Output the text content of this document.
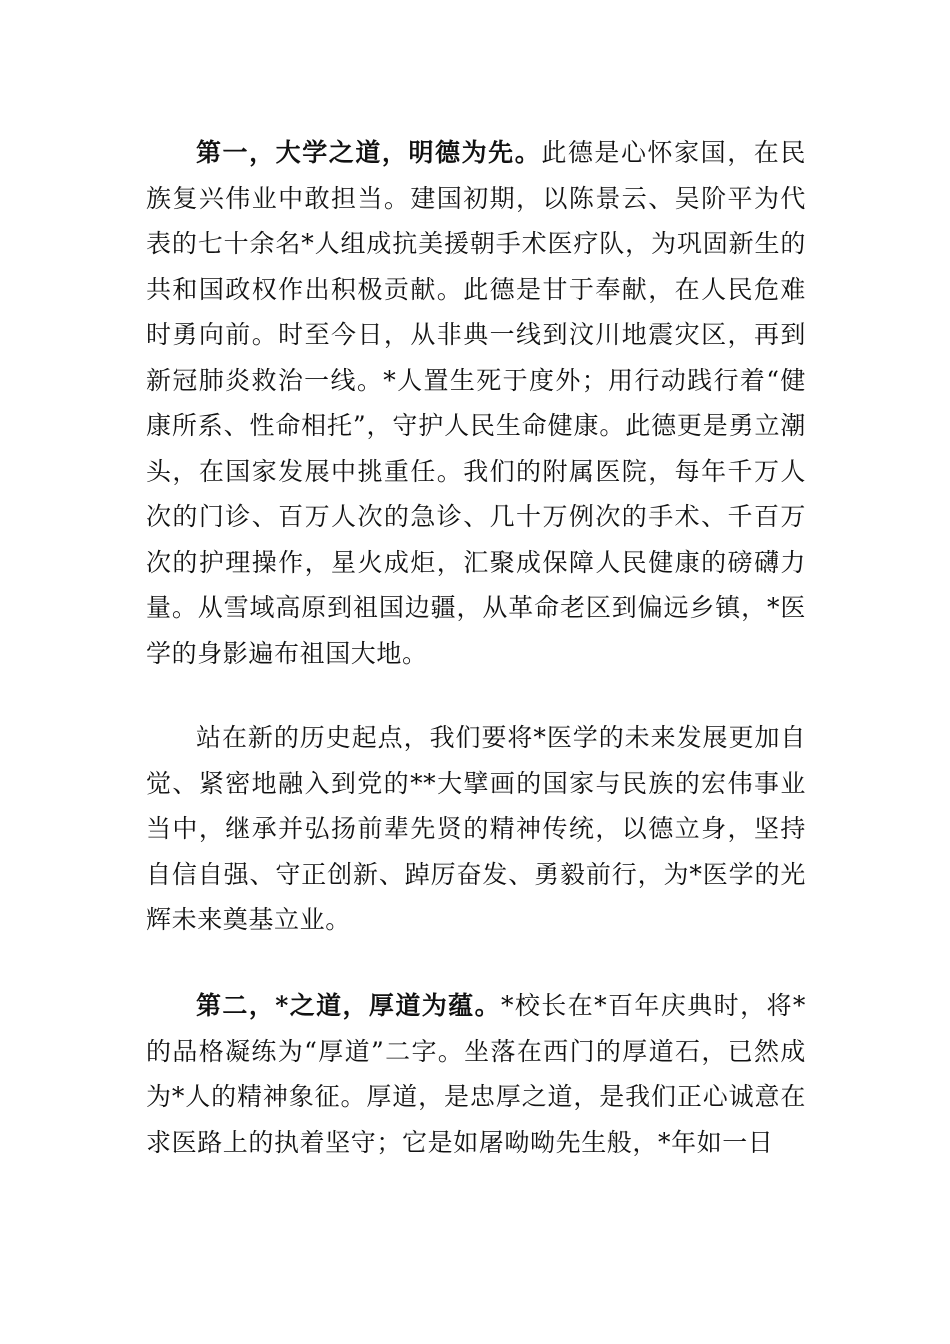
第一，大学之道，明德为先。此德是心怀家国，在民族复兴伟业中敢担当。建国初期，以陈景云、吴阶平为代表的七十余名*人组成抗美援朝手术医疗队，为巩固新生的共和国政权作出积极贡献。此德是甘于奉献，在人民危难时勇向前。时至今日，从非典一线到汶川地震灾区，再到新冠肺炎救治一线。*人置生死于度外；用行动践行着“健康所系、性命相托”，守护人民生命健康。此德更是勇立潮头，在国家发展中挑重任。我们的附属医院，每年千万人次的门诊、百万人次的急诊、几十万例次的手术、千百万次的护理操作，星火成炬，汇聚成保障人民健康的磅礴力量。从雪域高原到祖国边疆，从革命老区到偏远乡镇，*医学的身影遍布祖国大地。

站在新的历史起点，我们要将*医学的未来发展更加自觉、紧密地融入到党的**大擘画的国家与民族的宏伟事业当中，继承并弘扬前辈先贤的精神传统，以德立身，坚持自信自强、守正创新、踔厉奋发、勇毅前行，为*医学的光辉未来奠基立业。

第二，*之道，厚道为蕴。*校长在*百年庆典时，将*的品格凝练为“厚道”二字。坐落在西门的厚道石，已然成为*人的精神象征。厚道，是忠厚之道，是我们正心诚意在求医路上的执着坚守；它是如屠呦呦先生般，*年如一日
